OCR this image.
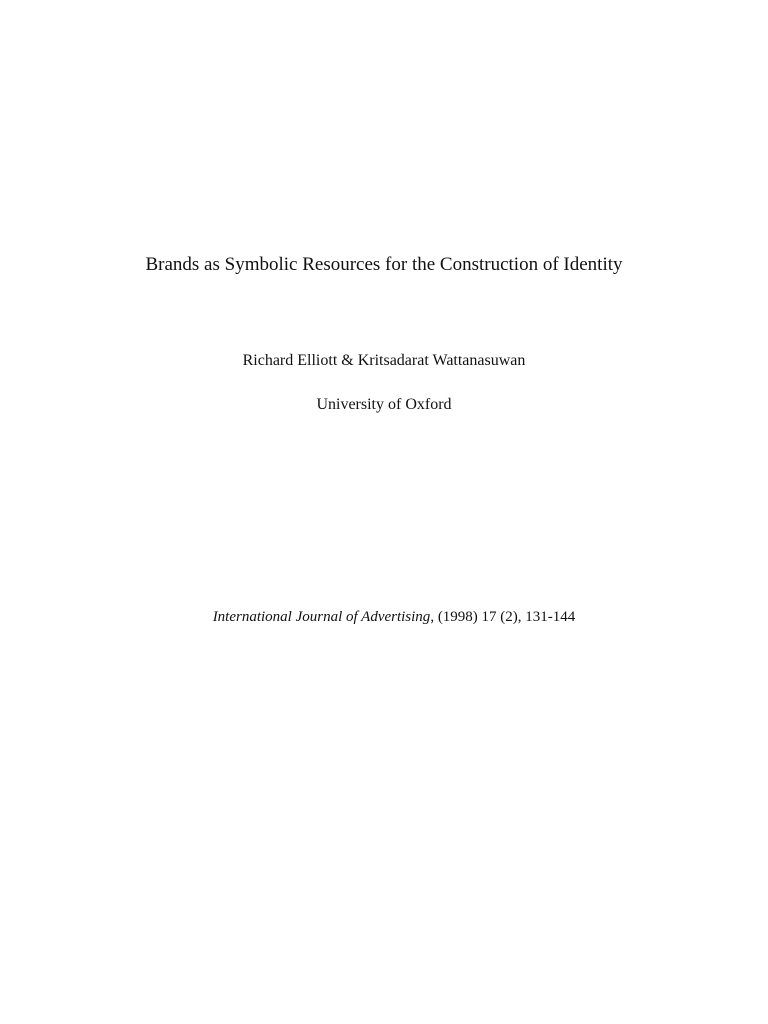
Brands as Symbolic Resources for the Construction of Identity
Richard Elliott & Kritsadarat Wattanasuwan
University of Oxford
International Journal of Advertising, (1998) 17 (2), 131-144
